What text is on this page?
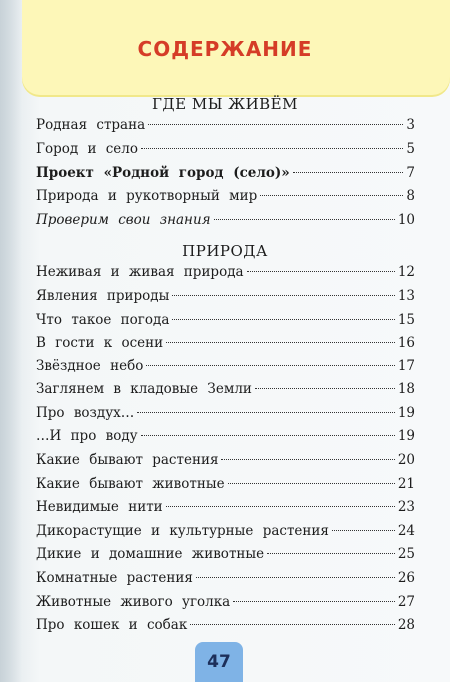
СОДЕРЖАНИЕ
ГДЕ МЫ ЖИВЁМ
Родная страна	3
Город и село	5
Проект «Родной город (село)»	7
Природа и рукотворный мир	8
Проверим свои знания	10
ПРИРОДА
Неживая и живая природа	12
Явления природы	13
Что такое погода	15
В гости к осени	16
Звёздное небо	17
Заглянем в кладовые Земли	18
Про воздух…	19
…И про воду	19
Какие бывают растения	20
Какие бывают животные	21
Невидимые нити	23
Дикорастущие и культурные растения	24
Дикие и домашние животные	25
Комнатные растения	26
Животные живого уголка	27
Про кошек и собак	28
47
